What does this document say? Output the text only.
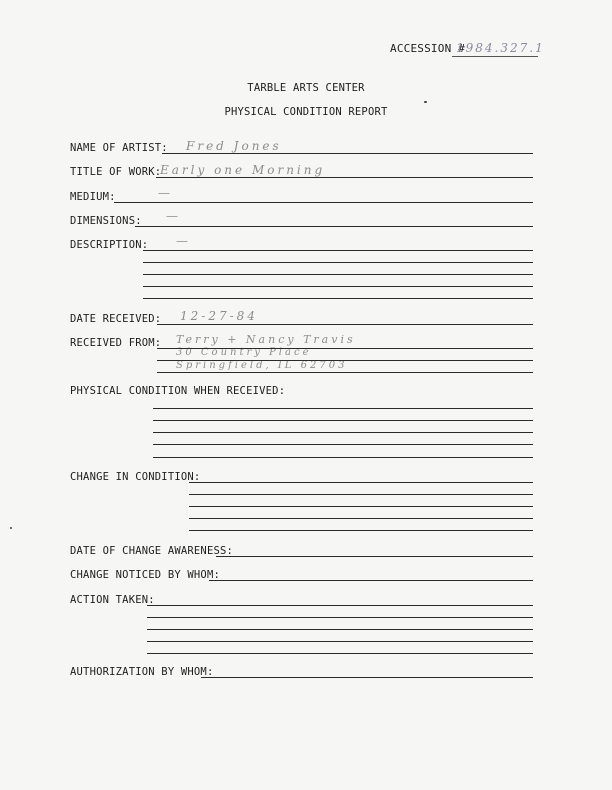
ACCESSION #
1984.327.1
TARBLE ARTS CENTER
PHYSICAL CONDITION REPORT
NAME OF ARTIST: Fred Jones
TITLE OF WORK:
Early one Morning
MEDIUM:	—
DIMENSIONS: —
DESCRIPTION: —
DATE RECEIVED: 12-27-84
RECEIVED FROM: Terry + Nancy Travis
30 Country Place
Springfield, IL 62703
PHYSICAL CONDITION WHEN RECEIVED:
CHANGE IN CONDITION:
DATE OF CHANGE AWARENESS:
CHANGE NOTICED BY WHOM:
ACTION TAKEN:
AUTHORIZATION BY WHOM:
